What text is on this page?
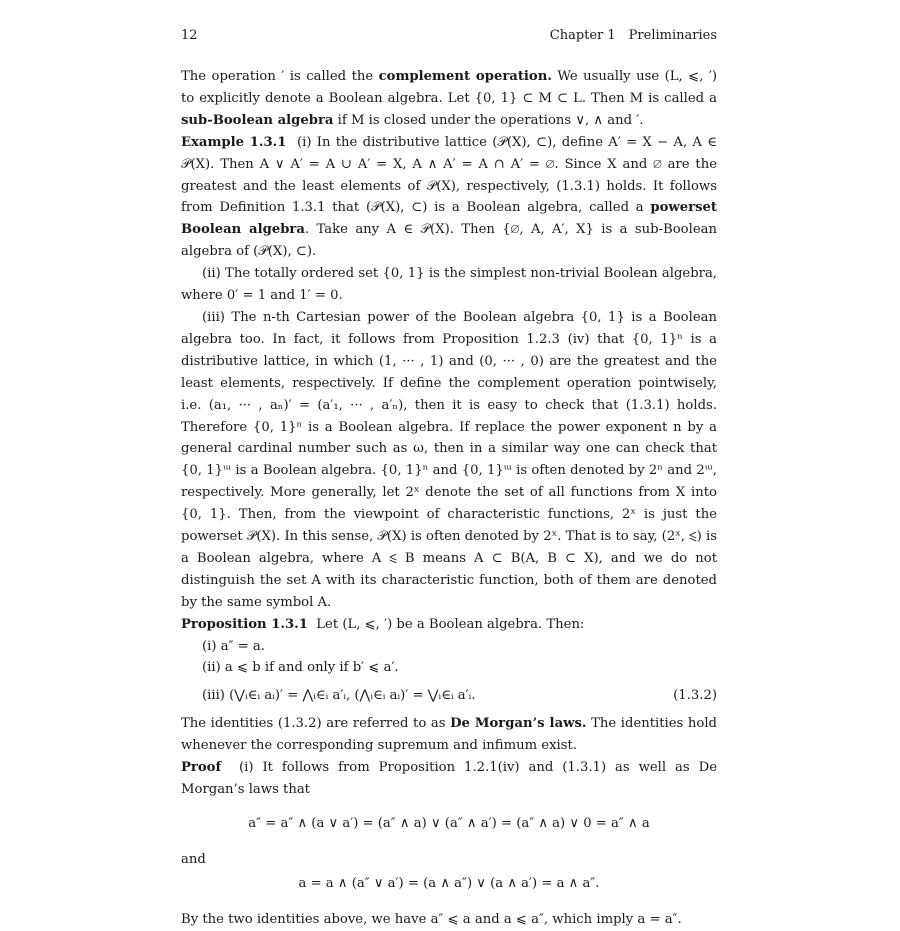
12	Chapter 1 Preliminaries

The operation ′ is called the complement operation. We usually use (L, ⩽, ′) to explicitly denote a Boolean algebra. Let {0, 1} ⊂ M ⊂ L. Then M is called a sub-Boolean algebra if M is closed under the operations ∨, ∧ and ′.

Example 1.3.1 (i) In the distributive lattice (𝒫(X), ⊂), define A′ = X − A, A ∈ 𝒫(X). Then A ∨ A′ = A ∪ A′ = X, A ∧ A′ = A ∩ A′ = ∅. Since X and ∅ are the greatest and the least elements of 𝒫(X), respectively, (1.3.1) holds. It follows from Definition 1.3.1 that (𝒫(X), ⊂) is a Boolean algebra, called a powerset Boolean algebra. Take any A ∈ 𝒫(X). Then {∅, A, A′, X} is a sub-Boolean algebra of (𝒫(X), ⊂).

(ii) The totally ordered set {0, 1} is the simplest non-trivial Boolean algebra, where 0′ = 1 and 1′ = 0.

(iii) The n-th Cartesian power of the Boolean algebra {0, 1} is a Boolean algebra too. In fact, it follows from Proposition 1.2.3 (iv) that {0, 1}ⁿ is a distributive lattice, in which (1, ··· , 1) and (0, ··· , 0) are the greatest and the least elements, respectively. If define the complement operation pointwisely, i.e. (a₁, ··· , aₙ)′ = (a′₁, ··· , a′ₙ), then it is easy to check that (1.3.1) holds. Therefore {0, 1}ⁿ is a Boolean algebra. If replace the power exponent n by a general cardinal number such as ω, then in a similar way one can check that {0, 1}ᵚ is a Boolean algebra. {0, 1}ⁿ and {0, 1}ᵚ is often denoted by 2ⁿ and 2ᵚ, respectively. More generally, let 2ˣ denote the set of all functions from X into {0, 1}. Then, from the viewpoint of characteristic functions, 2ˣ is just the powerset 𝒫(X). In this sense, 𝒫(X) is often denoted by 2ˣ. That is to say, (2ˣ, ⩽) is a Boolean algebra, where A ⩽ B means A ⊂ B(A, B ⊂ X), and we do not distinguish the set A with its characteristic function, both of them are denoted by the same symbol A.

Proposition 1.3.1 Let (L, ⩽, ′) be a Boolean algebra. Then:

(i) a″ = a.
(ii) a ⩽ b if and only if b′ ⩽ a′.
(iii) (⋁ᵢ∈ᵢ aᵢ)′ = ⋀ᵢ∈ᵢ a′ᵢ, (⋀ᵢ∈ᵢ aᵢ)′ = ⋁ᵢ∈ᵢ a′ᵢ.	(1.3.2)

The identities (1.3.2) are referred to as De Morgan’s laws. The identities hold whenever the corresponding supremum and infimum exist.

Proof (i) It follows from Proposition 1.2.1(iv) and (1.3.1) as well as De Morgan’s laws that

a″ = a″ ∧ (a ∨ a′) = (a″ ∧ a) ∨ (a″ ∧ a′) = (a″ ∧ a) ∨ 0 = a″ ∧ a
and
a = a ∧ (a″ ∨ a′) = (a ∧ a″) ∨ (a ∧ a′) = a ∧ a″.

By the two identities above, we have a″ ⩽ a and a ⩽ a″, which imply a = a″.
